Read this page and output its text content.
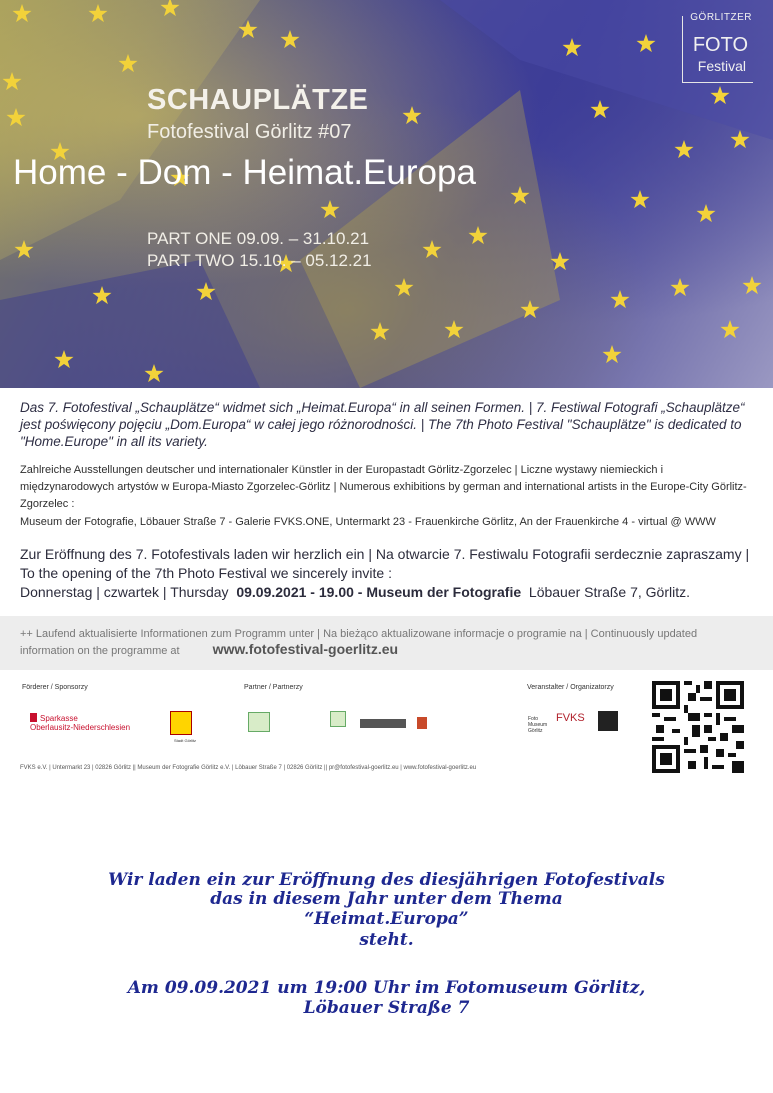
SCHAUPLÄTZE
Fotofestival Görlitz #07
Home - Dom - Heimat.Europa
PART ONE 09.09. – 31.10.21
PART TWO 15.10. – 05.12.21
GÖRLITZER
FOTO
Festival
Das 7. Fotofestival „Schauplätze“ widmet sich „Heimat.Europa“ in all seinen Formen. | 7. Festiwal Fotografi „Schauplätze“ jest poświęcony pojęciu „Dom.Europa“ w całej jego różnorodności. | The 7th Photo Festival "Schauplätze" is dedicated to "Home.Europe" in all its variety.
Zahlreiche Ausstellungen deutscher und internationaler Künstler in der Europastadt Görlitz-Zgorzelec | Liczne wystawy niemieckich i międzynarodowych artystów w Europa-Miasto Zgorzelec-Görlitz | Numerous exhibitions by german and international artists in the Europe-City Görlitz-Zgorzelec :
Museum der Fotografie, Löbauer Straße 7 - Galerie FVKS.ONE, Untermarkt 23 - Frauenkirche Görlitz, An der Frauenkirche 4 - virtual @ WWW
Zur Eröffnung des 7. Fotofestivals laden wir herzlich ein | Na otwarcie 7. Festiwalu Fotografii serdecznie zapraszamy |
To the opening of the 7th Photo Festival we sincerely invite :
Donnerstag | czwartek | Thursday 09.09.2021 - 19.00 - Museum der Fotografie Löbauer Straße 7, Görlitz.
++ Laufend aktualisierte Informationen zum Programm unter | Na bieżąco aktualizowane informacje o programie na | Continuously updated information on the programme at www.fotofestival-goerlitz.eu
Förderer / Sponsorzy	Partner / Partnerzy	Veranstalter / Organizatorzy
Sparkasse
Oberlausitz-Niederschlesien
Stadt Görlitz
Foto Museum Görlitz
FVKS
FVKS e.V. | Untermarkt 23 | 02826 Görlitz || Museum der Fotografie Görlitz e.V. | Löbauer Straße 7 | 02826 Görlitz || pr@fotofestival-goerlitz.eu | www.fotofestival-goerlitz.eu
Wir laden ein zur Eröffnung des diesjährigen Fotofestivals
das in diesem Jahr unter dem Thema
“Heimat.Europa”
steht.
Am 09.09.2021 um 19:00 Uhr im Fotomuseum Görlitz,
Löbauer Straße 7
